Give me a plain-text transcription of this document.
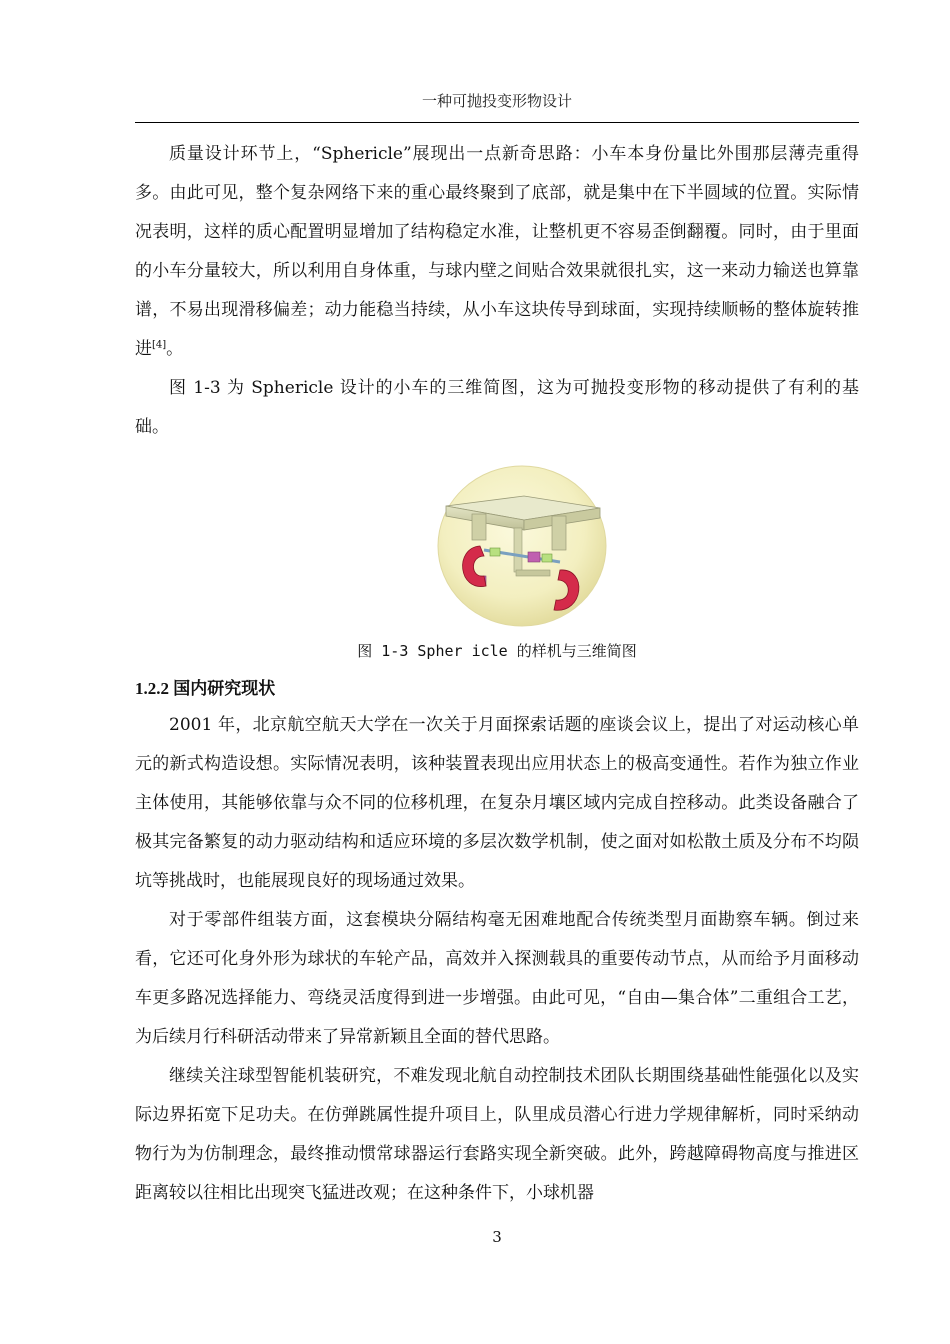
一种可抛投变形物设计

质量设计环节上，“Sphericle”展现出一点新奇思路：小车本身份量比外围那层薄壳重得多。由此可见，整个复杂网络下来的重心最终聚到了底部，就是集中在下半圆域的位置。实际情况表明，这样的质心配置明显增加了结构稳定水准，让整机更不容易歪倒翻覆。同时，由于里面的小车分量较大，所以利用自身体重，与球内壁之间贴合效果就很扎实，这一来动力输送也算靠谱，不易出现滑移偏差；动力能稳当持续，从小车这块传导到球面，实现持续顺畅的整体旋转推进[4]。

图 1-3 为 Sphericle 设计的小车的三维简图，这为可抛投变形物的移动提供了有利的基础。

图 1-3 Spher icle 的样机与三维简图
1.2.2 国内研究现状

2001 年，北京航空航天大学在一次关于月面探索话题的座谈会议上，提出了对运动核心单元的新式构造设想。实际情况表明，该种装置表现出应用状态上的极高变通性。若作为独立作业主体使用，其能够依靠与众不同的位移机理，在复杂月壤区域内完成自控移动。此类设备融合了极其完备繁复的动力驱动结构和适应环境的多层次数学机制，使之面对如松散土质及分布不均陨坑等挑战时，也能展现良好的现场通过效果。

对于零部件组装方面，这套模块分隔结构毫无困难地配合传统类型月面勘察车辆。倒过来看，它还可化身外形为球状的车轮产品，高效并入探测载具的重要传动节点，从而给予月面移动车更多路况选择能力、弯绕灵活度得到进一步增强。由此可见，“自由—集合体”二重组合工艺，为后续月行科研活动带来了异常新颖且全面的替代思路。

继续关注球型智能机装研究，不难发现北航自动控制技术团队长期围绕基础性能强化以及实际边界拓宽下足功夫。在仿弹跳属性提升项目上，队里成员潜心行进力学规律解析，同时采纳动物行为为仿制理念，最终推动惯常球器运行套路实现全新突破。此外，跨越障碍物高度与推进区距离较以往相比出现突飞猛进改观；在这种条件下，小球机器

3
